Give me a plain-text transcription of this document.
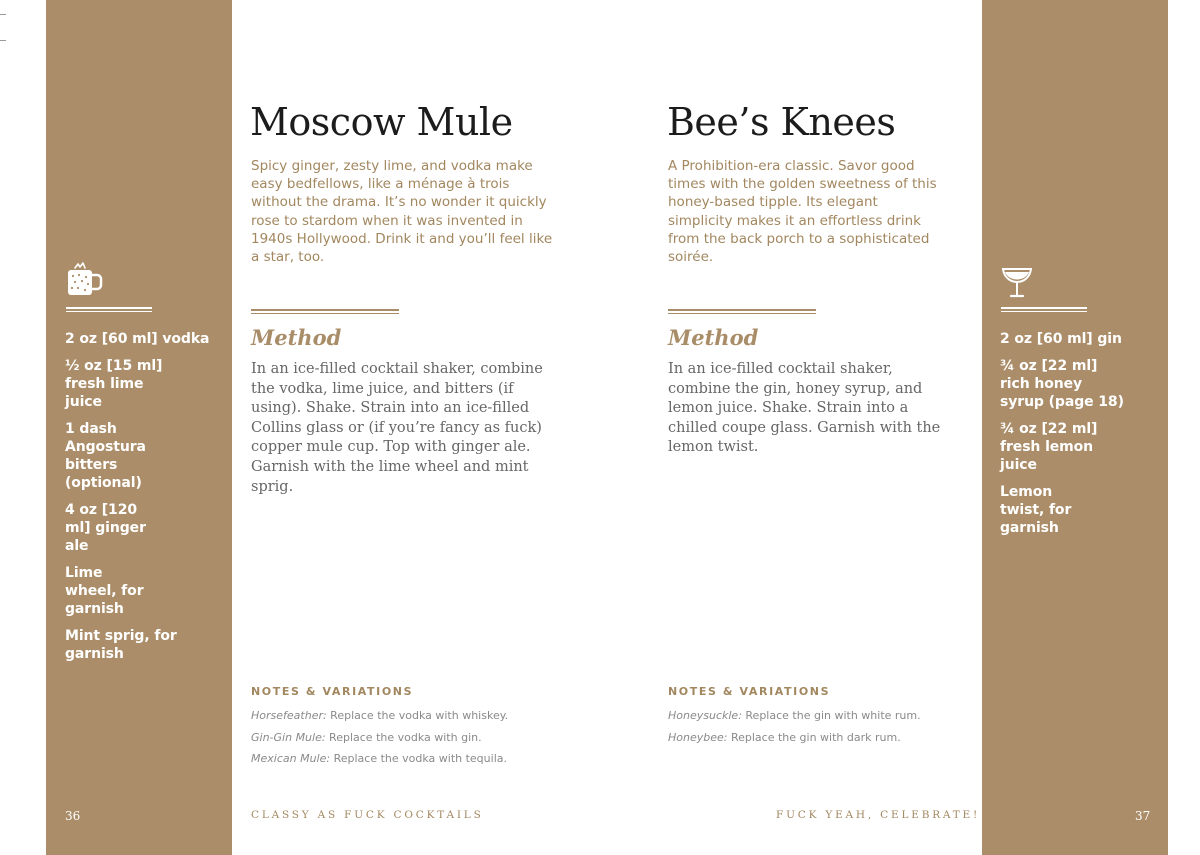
2 oz [60 ml] vodka
½ oz [15 ml] fresh lime juice
1 dash Angostura bitters (optional)
4 oz [120 ml] ginger ale
Lime wheel, for garnish
Mint sprig, for garnish
Moscow Mule

Spicy ginger, zesty lime, and vodka make easy bedfellows, like a ménage à trois without the drama. It’s no wonder it quickly rose to stardom when it was invented in 1940s Hollywood. Drink it and you’ll feel like a star, too.

Method

In an ice-filled cocktail shaker, combine the vodka, lime juice, and bitters (if using). Shake. Strain into an ice-filled Collins glass or (if you’re fancy as fuck) copper mule cup. Top with ginger ale. Garnish with the lime wheel and mint sprig.

NOTES & VARIATIONS
Horsefeather: Replace the vodka with whiskey.
Gin-Gin Mule: Replace the vodka with gin.
Mexican Mule: Replace the vodka with tequila.

CLASSY AS FUCK COCKTAILS

36

Bee’s Knees

A Prohibition-era classic. Savor good times with the golden sweetness of this honey-based tipple. Its elegant simplicity makes it an effortless drink from the back porch to a sophisticated soirée.

Method

In an ice-filled cocktail shaker, combine the gin, honey syrup, and lemon juice. Shake. Strain into a chilled coupe glass. Garnish with the lemon twist.

NOTES & VARIATIONS
Honeysuckle: Replace the gin with white rum.
Honeybee: Replace the gin with dark rum.

FUCK YEAH, CELEBRATE!

2 oz [60 ml] gin
¾ oz [22 ml] rich honey syrup (page 18)
¾ oz [22 ml] fresh lemon juice
Lemon twist, for garnish

37
